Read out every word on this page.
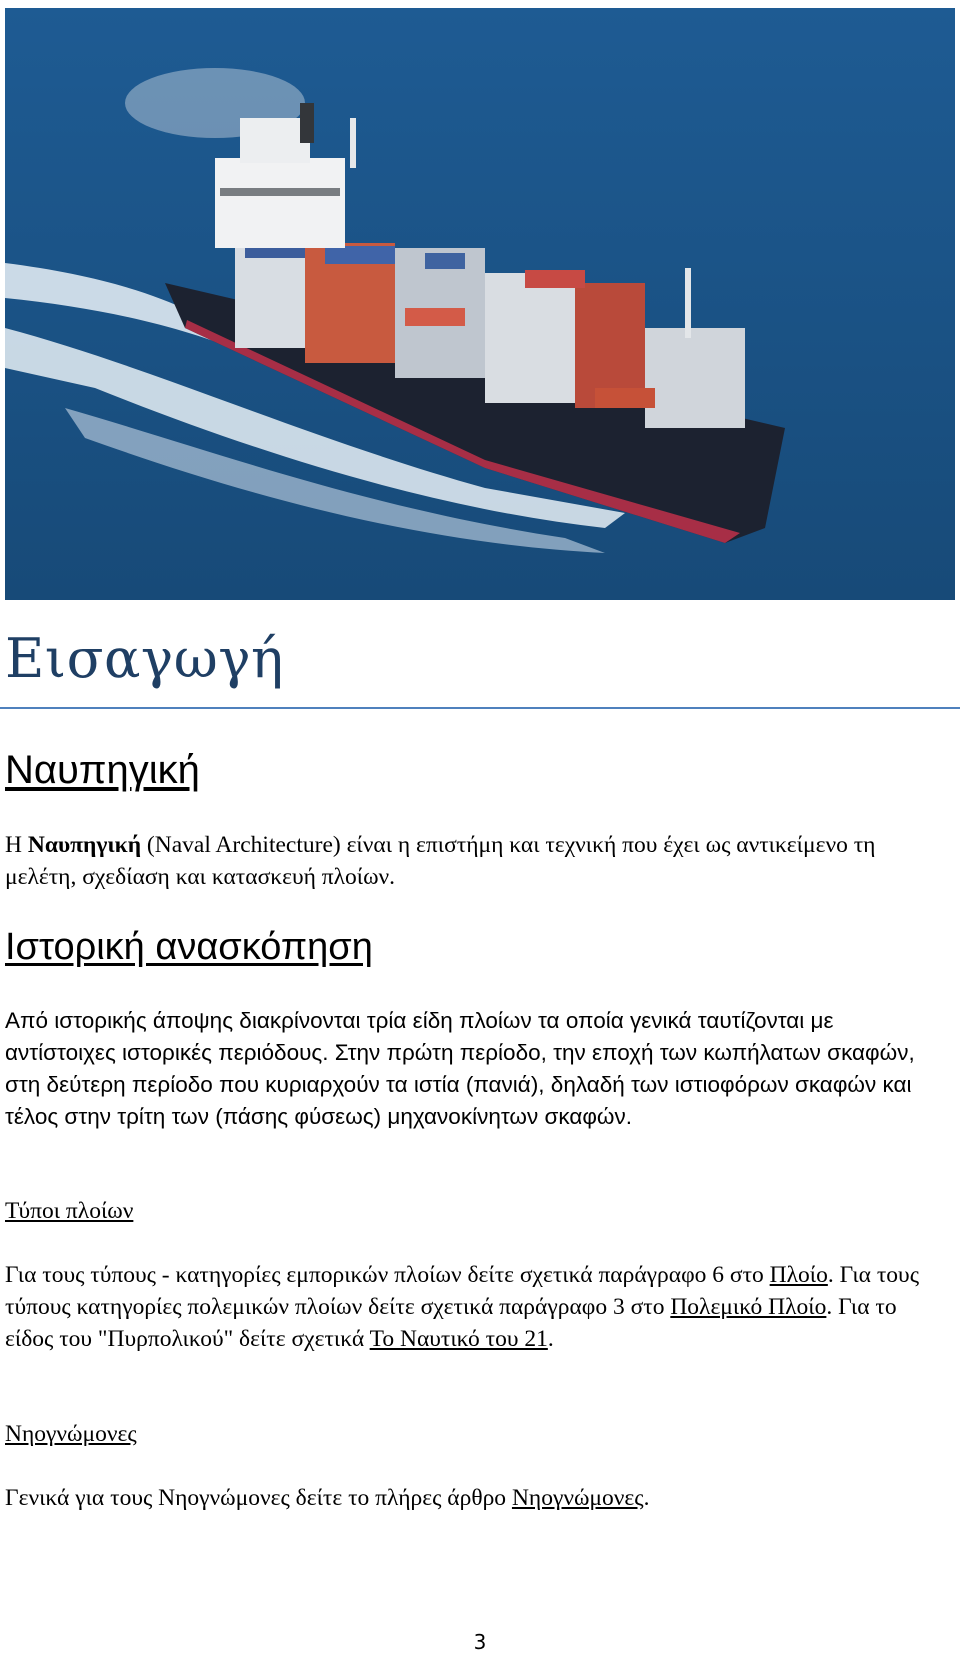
Εισαγωγή
Ναυπηγική

Η Ναυπηγική (Naval Architecture) είναι η επιστήμη και τεχνική που έχει ως αντικείμενο τη μελέτη, σχεδίαση και κατασκευή πλοίων.

Ιστορική ανασκόπηση

Από ιστορικής άποψης διακρίνονται τρία είδη πλοίων τα οποία γενικά ταυτίζονται με αντίστοιχες ιστορικές περιόδους. Στην πρώτη περίοδο, την εποχή των κωπήλατων σκαφών, στη δεύτερη περίοδο που κυριαρχούν τα ιστία (πανιά), δηλαδή των ιστιοφόρων σκαφών και τέλος στην τρίτη των (πάσης φύσεως) μηχανοκίνητων σκαφών.

Τύποι πλοίων

Για τους τύπους - κατηγορίες εμπορικών πλοίων δείτε σχετικά παράγραφο 6 στο Πλοίο. Για τους τύπους κατηγορίες πολεμικών πλοίων δείτε σχετικά παράγραφο 3 στο Πολεμικό Πλοίο. Για το είδος του "Πυρπολικού" δείτε σχετικά Το Ναυτικό του 21.

Νηογνώμονες

Γενικά για τους Νηογνώμονες δείτε το πλήρες άρθρο Νηογνώμονες.

3
